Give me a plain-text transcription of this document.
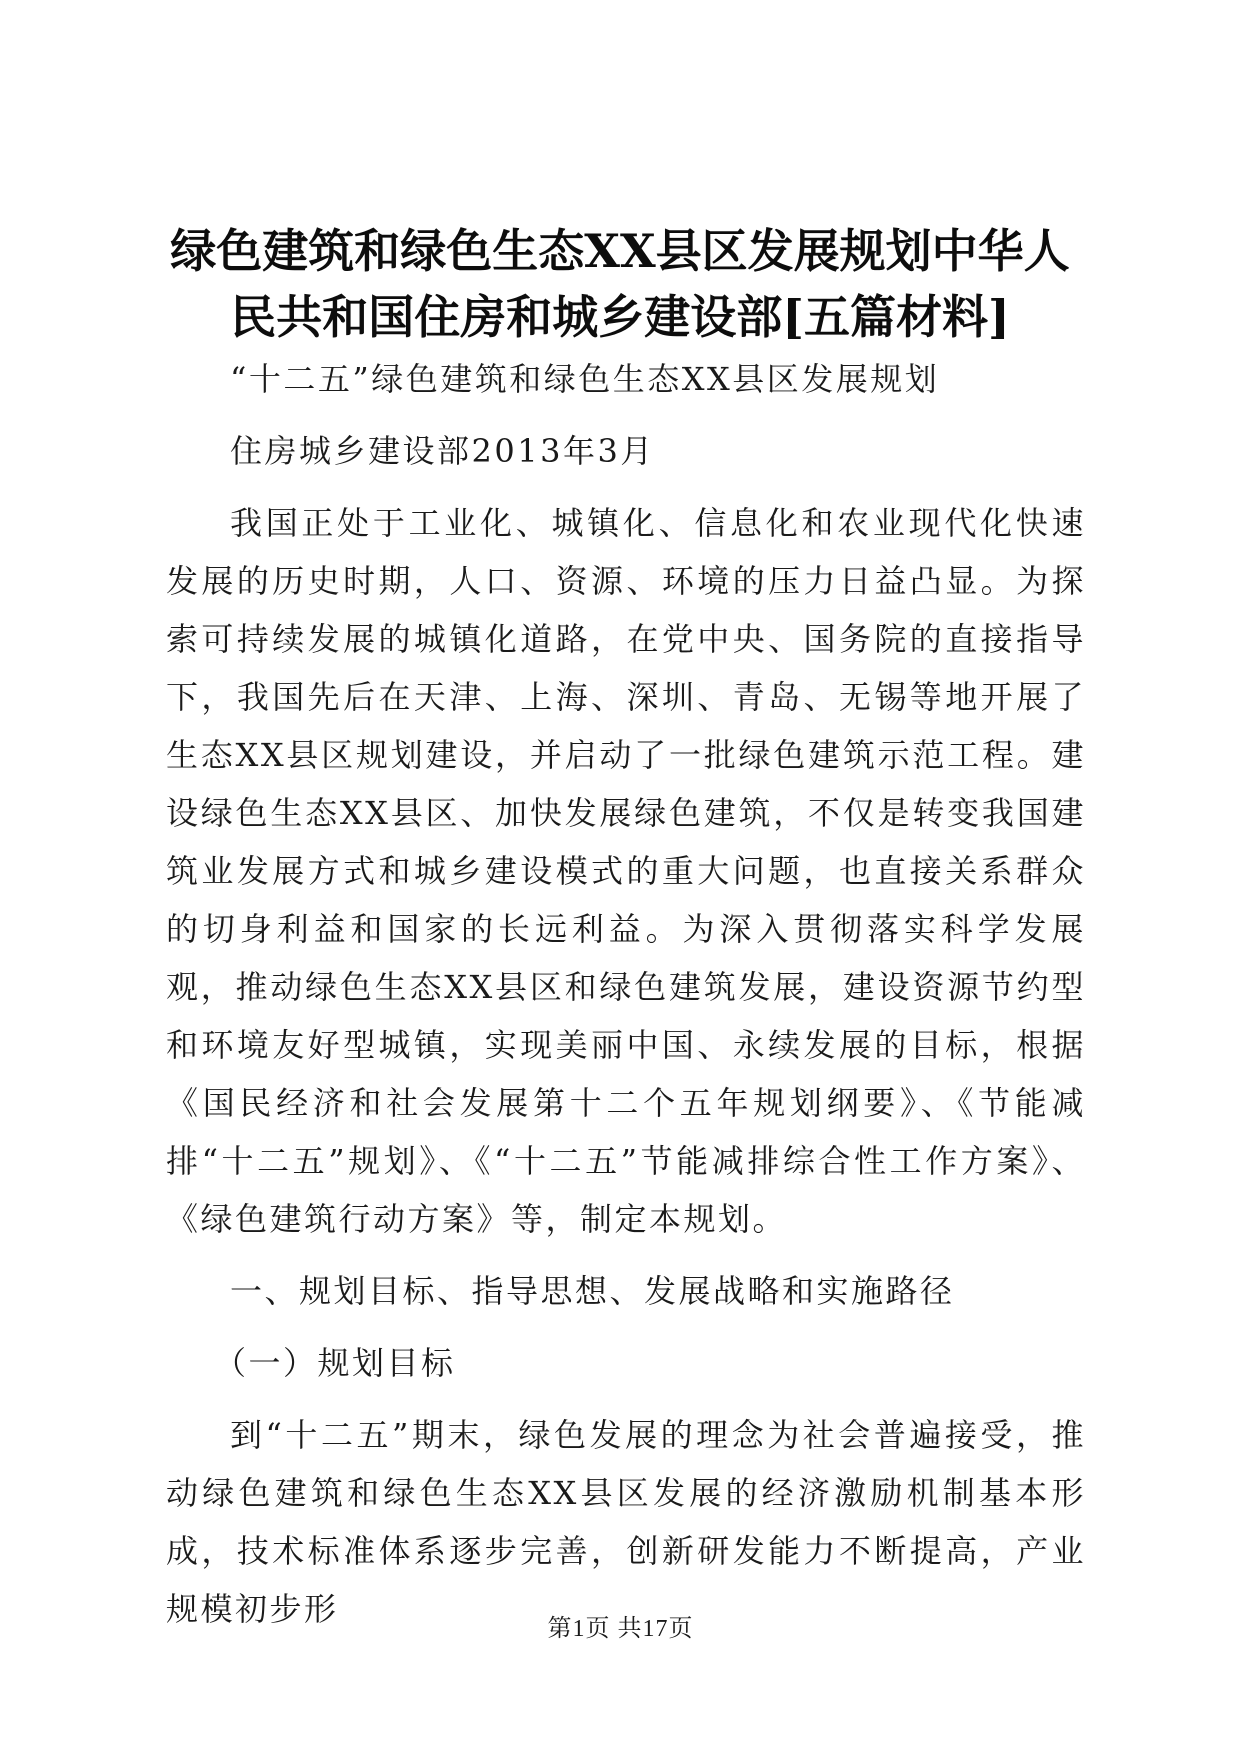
绿色建筑和绿色生态XX县区发展规划中华人民共和国住房和城乡建设部[五篇材料]

“十二五”绿色建筑和绿色生态XX县区发展规划

住房城乡建设部2013年3月

我国正处于工业化、城镇化、信息化和农业现代化快速发展的历史时期，人口、资源、环境的压力日益凸显。为探索可持续发展的城镇化道路，在党中央、国务院的直接指导下，我国先后在天津、上海、深圳、青岛、无锡等地开展了生态XX县区规划建设，并启动了一批绿色建筑示范工程。建设绿色生态XX县区、加快发展绿色建筑，不仅是转变我国建筑业发展方式和城乡建设模式的重大问题，也直接关系群众的切身利益和国家的长远利益。为深入贯彻落实科学发展观，推动绿色生态XX县区和绿色建筑发展，建设资源节约型和环境友好型城镇，实现美丽中国、永续发展的目标，根据《国民经济和社会发展第十二个五年规划纲要》、《节能减排“十二五”规划》、《“十二五”节能减排综合性工作方案》、《绿色建筑行动方案》等，制定本规划。

一、规划目标、指导思想、发展战略和实施路径

（一）规划目标

到“十二五”期末，绿色发展的理念为社会普遍接受，推动绿色建筑和绿色生态XX县区发展的经济激励机制基本形成，技术标准体系逐步完善，创新研发能力不断提高，产业规模初步形

第1页 共17页
